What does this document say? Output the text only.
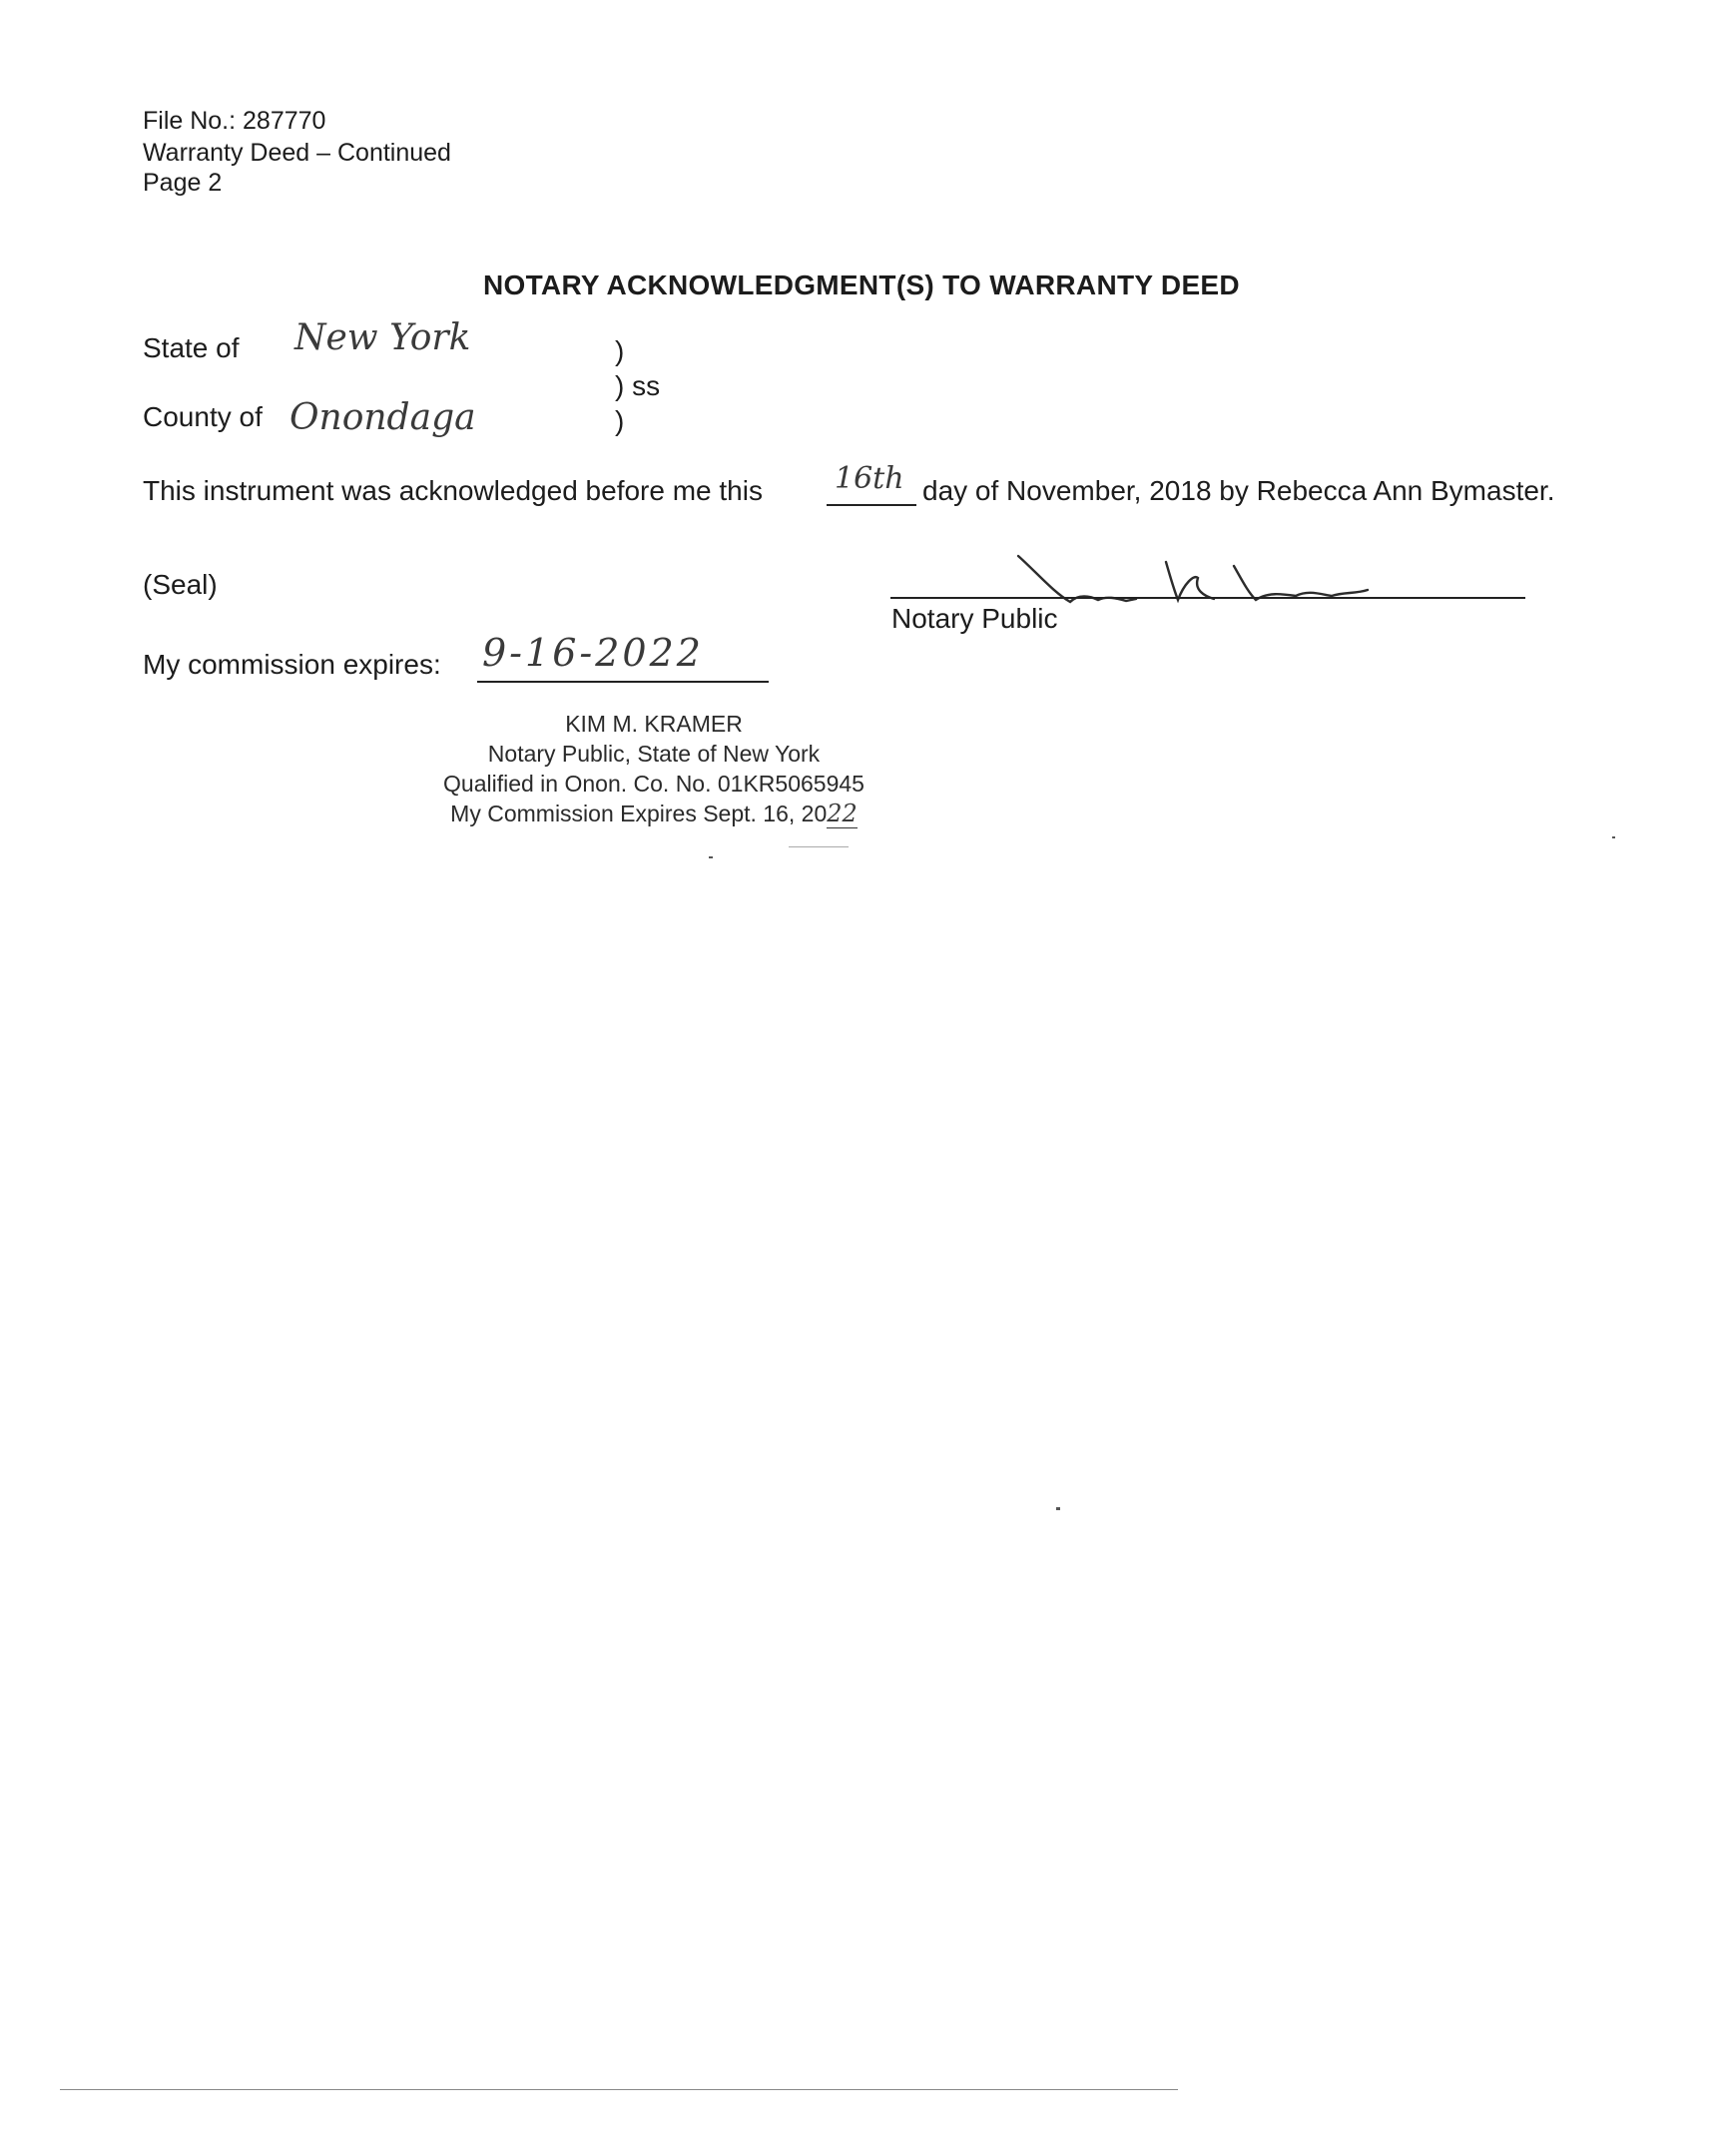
File No.: 287770
Warranty Deed – Continued
Page 2
NOTARY ACKNOWLEDGMENT(S) TO WARRANTY DEED
State of New York	)
) ss
County of Onondaga	)
This instrument was acknowledged before me this 16th day of November, 2018 by Rebecca Ann Bymaster.
(Seal)
Notary Public
My commission expires: 9-16-2022
KIM M. KRAMER
Notary Public, State of New York
Qualified in Onon. Co. No. 01KR5065945
My Commission Expires Sept. 16, 2022
